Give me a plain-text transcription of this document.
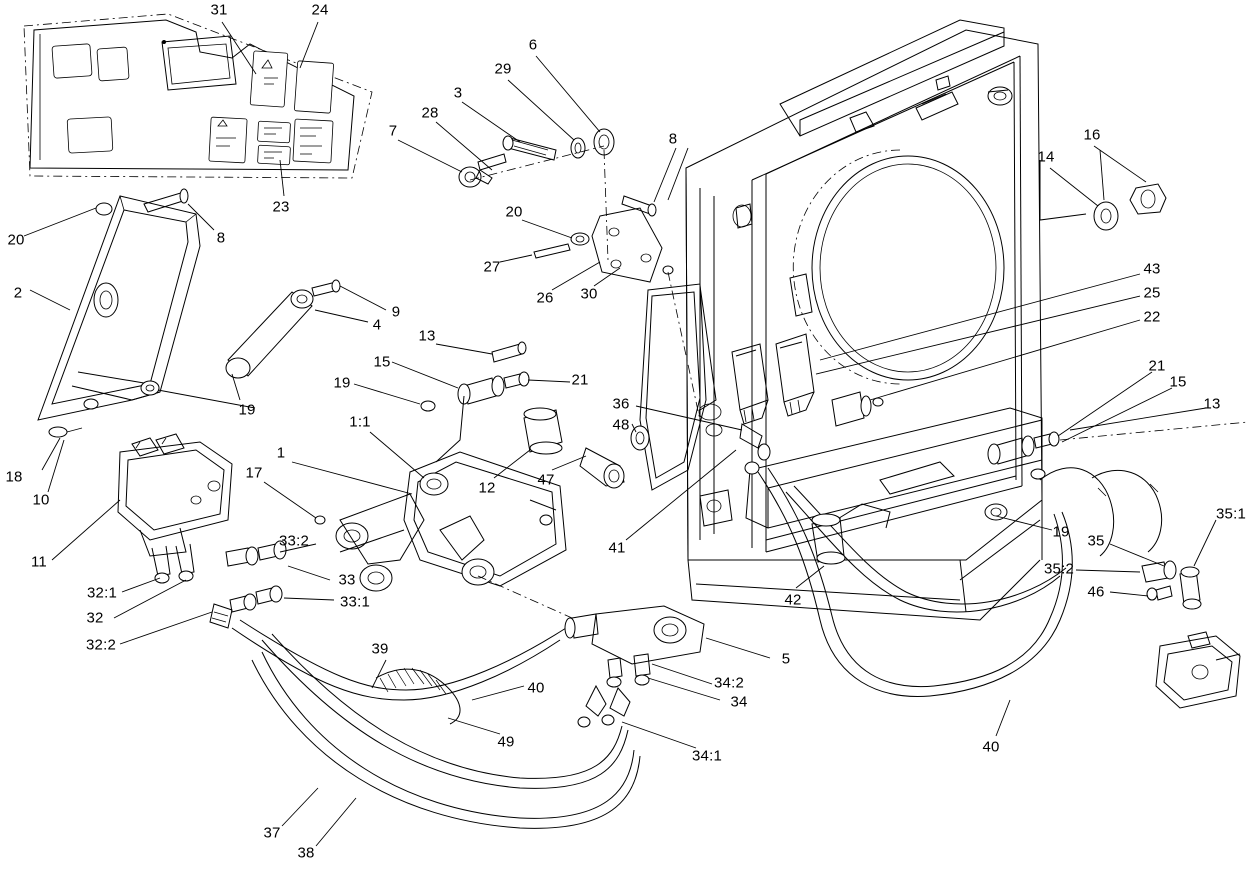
31	24
6
29
3
28
16
7	8
14
23
20	8
20
27
26 30
2
43
25
22
9
4
13
15
19	21
21
15
13
19	36
48
1:1
12	47
18
10
17
1
35:1
35
19
41
11
33:2
33
33:1
35:2
46
32:1
32
32:2
42
5
39
40	34:2
34
34:1
49	40
37
38
